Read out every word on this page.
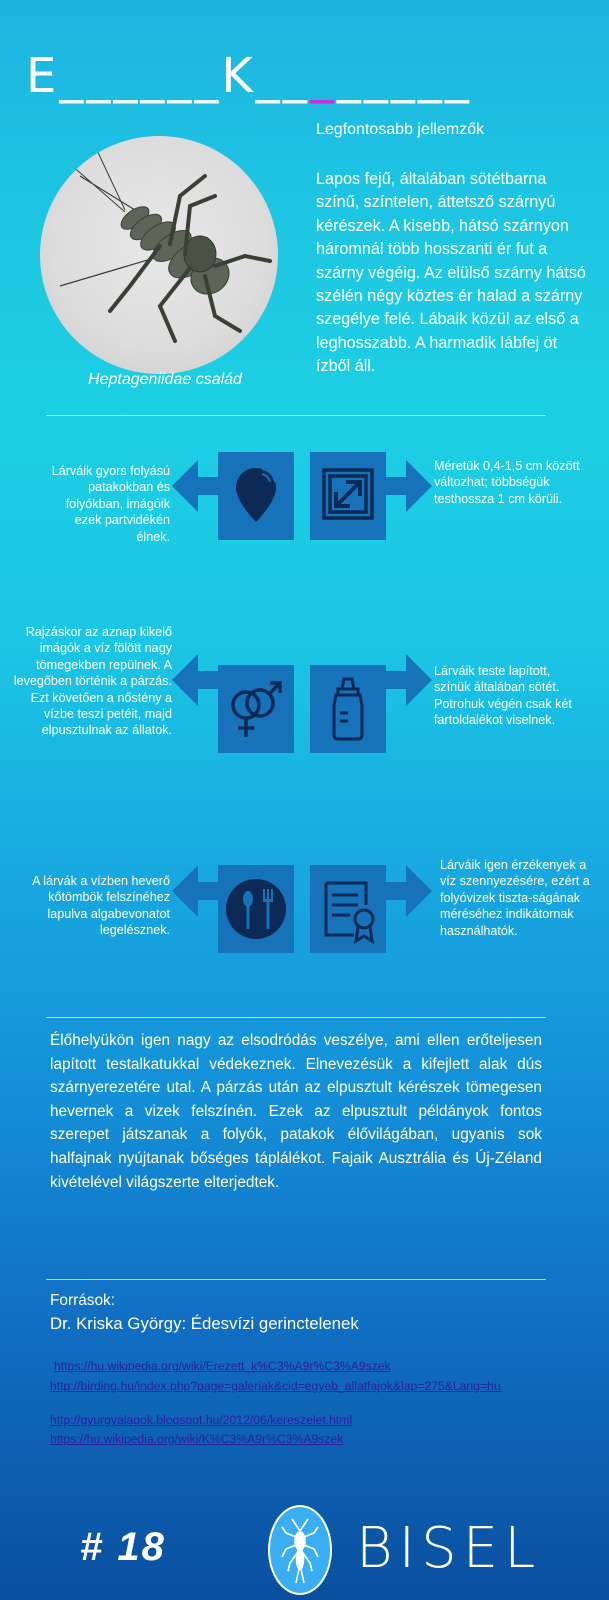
E______K________
Heptageniidae család
Legfontosabb jellemzők
Lapos fejű, általában sötétbarna színű, színtelen, áttetsző szárnyú kérészek. A kisebb, hátsó szárnyon háromnál több hosszanti ér fut a szárny végéig. Az elülső szárny hátsó szélén négy köztes ér halad a szárny szegélye felé. Lábaik közül az első a leghosszabb. A harmadik lábfej öt ízből áll.
Lárváik gyors folyású patakokban és folyókban, imágóik ezek partvidékén élnek.
Méretük 0,4-1,5 cm között változhat; többségük testhossza 1 cm körüli.
Rajzáskor az aznap kikelő imágók a víz fölött nagy tömegekben repülnek. A levegőben történik a párzás. Ezt követően a nőstény a vízbe teszi petéit, majd elpusztulnak az állatok.
Lárváik teste lapított, színük általában sötét. Potrohuk végén csak két fartoldalékot viselnek.
A lárvák a vízben heverő kőtömbök felszínéhez lapulva algabevonatot legelésznek.
Lárváik igen érzékenyek a víz szennyezésére, ezért a folyóvizek tiszta-ságának méréséhez indikátornak használhatók.
Élőhelyükön igen nagy az elsodródás veszélye, ami ellen erőteljesen lapított testalkatukkal védekeznek. Elnevezésük a kifejlett alak dús szárnyerezetére utal. A párzás után az elpusztult kérészek tömegesen hevernek a vizek felszínén. Ezek az elpusztult példányok fontos szerepet játszanak a folyók, patakok élővilágában, ugyanis sok halfajnak nyújtanak bőséges táplálékot. Fajaik Ausztrália és Új-Zéland kivételével világszerte elterjedtek.
Források:
Dr. Kriska György: Édesvízi gerinctelenek
https://hu.wikipedia.org/wiki/Erezett_k%C3%A9r%C3%A9szek
http://birding.hu/index.php?page=galeriak&cid=egyeb_allatfajok&lap=275&Lang=hu
http://gyurgyalagok.blogspot.hu/2012/06/kereszelet.html
https://hu.wikipedia.org/wiki/K%C3%A9r%C3%A9szek
# 18	BISEL
